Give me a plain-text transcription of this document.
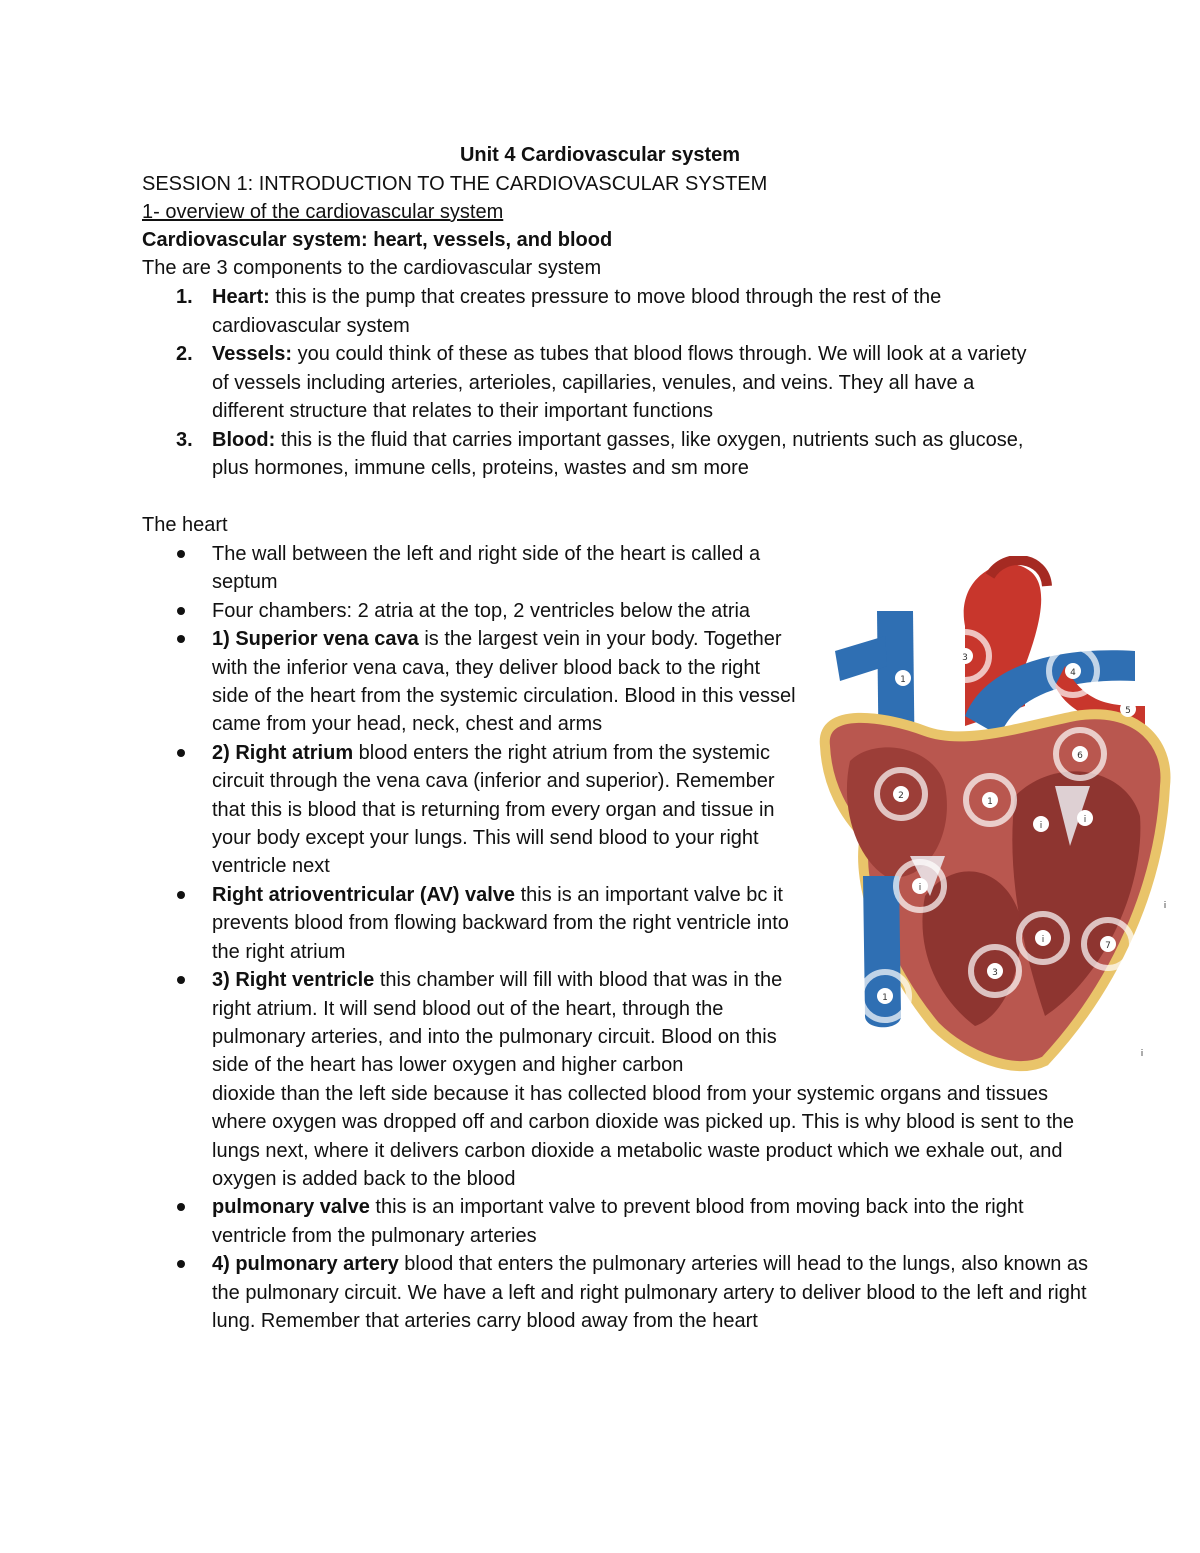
Unit 4 Cardiovascular system
SESSION 1: INTRODUCTION TO THE CARDIOVASCULAR SYSTEM
1- overview of the cardiovascular system
Cardiovascular system: heart, vessels, and blood
The are 3 components to the cardiovascular system
1. Heart: this is the pump that creates pressure to move blood through the rest of the cardiovascular system
2. Vessels: you could think of these as tubes that blood flows through. We will look at a variety of vessels including arteries, arterioles, capillaries, venules, and veins. They all have a different structure that relates to their important functions
3. Blood: this is the fluid that carries important gasses, like oxygen, nutrients such as glucose, plus hormones, immune cells, proteins, wastes and sm more
The heart
The wall between the left and right side of the heart is called a septum
Four chambers: 2 atria at the top, 2 ventricles below the atria
1) Superior vena cava is the largest vein in your body. Together with the inferior vena cava, they deliver blood back to the right side of the heart from the systemic circulation. Blood in this vessel came from your head, neck, chest and arms
2) Right atrium blood enters the right atrium from the systemic circuit through the vena cava (inferior and superior). Remember that this is blood that is returning from every organ and tissue in your body except your lungs. This will send blood to your right ventricle next
Right atrioventricular (AV) valve this is an important valve bc it prevents blood from flowing backward from the right ventricle into the right atrium
3) Right ventricle this chamber will fill with blood that was in the right atrium. It will send blood out of the heart, through the pulmonary arteries, and into the pulmonary circuit. Blood on this side of the heart has lower oxygen and higher carbon
dioxide than the left side because it has collected blood from your systemic organs and tissues where oxygen was dropped off and carbon dioxide was picked up. This is why blood is sent to the lungs next, where it delivers carbon dioxide a metabolic waste product which we exhale out, and oxygen is added back to the blood
pulmonary valve this is an important valve to prevent blood from moving back into the right ventricle from the pulmonary arteries
4) pulmonary artery blood that enters the pulmonary arteries will head to the lungs, also known as the pulmonary circuit. We have a left and right pulmonary artery to deliver blood to the left and right lung. Remember that arteries carry blood away from the heart
3
1
4
5
2
6
1
i
i
i
i
i
7
3
1
i
